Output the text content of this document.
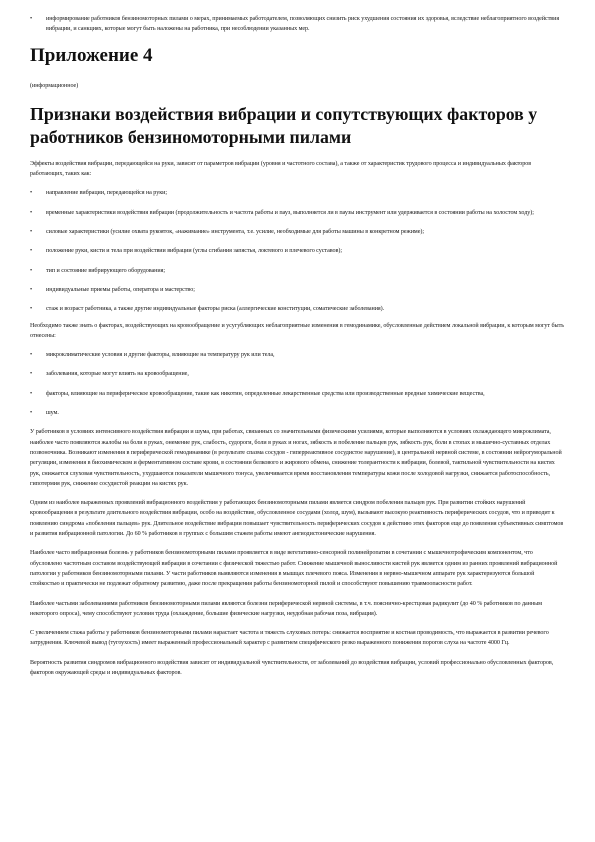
•	информирование работников бензиномоторных пилами о мерах, принимаемых работодателем, позволяющих снизить риск ухудшения состояния их здоровья, вследствие неблагоприятного воздействия вибрации, и санкциях, которые могут быть наложены на работника, при несоблюдении указанных мер.
Приложение 4

(информационное)

Признаки воздействия вибрации и сопутствующих факторов у работников бензиномоторными пилами

Эффекты воздействия вибрации, передающейся на руки, зависят от параметров вибрации (уровня и частотного состава), а также от характеристик трудового процесса и индивидуальных факторов работающих, таких как:

•	направление вибрации, передающейся на руки;
•	временные характеристики воздействия вибрации (продолжительность и частота работы и пауз, выполняется ли в паузы инструмент или удерживается в состоянии работы на холостом ходу);
•	силовые характеристики (усилие охвата рукояток, «нажимание» инструмента, т.е. усилие, необходимые для работы машины в конкретном режиме);
•	положение руки, кисти и тела при воздействии вибрации (углы сгибания запястья, локтевого и плечевого суставов);
•	тип и состояние вибрирующего оборудования;
•	индивидуальные приемы работы, оператора и мастерство;
•	стаж и возраст работника, а также другие индивидуальные факторы риска (аллергические конституции, соматические заболевания).

Необходимо также знать о факторах, воздействующих на кровообращение и усугубляющих неблагоприятные изменения в гемодинамике, обусловленные действием локальной вибрации, к которым могут быть отнесены:

•	микроклиматические условия и другие факторы, влияющие на температуру рук или тела,
•	заболевания, которые могут влиять на кровообращение,
•	факторы, влияющие на периферическое кровообращение, такие как никотин, определенные лекарственные средства или производственные вредные химические вещества,
•	шум.

У работников в условиях интенсивного воздействия вибрации и шума, при работах, связанных со значительными физическими усилиями, которые выполняются в условиях охлаждающего микроклимата, наиболее часто появляются жалобы на боли в руках, онемение рук, слабость, судороги, боли в руках и ногах, зябкость и побеление пальцев рук, зябкость рук, боли в стопах и мышечно-суставных отделах позвоночника. Возникают изменения в периферической гемодинамике (в результате спазма сосудов - гиперреактивное сосудистое нарушение), в центральной нервной системе, в состоянии нейрогуморальной регуляции, изменения в биохимическом и ферментативном составе крови, в состоянии белкового и жирового обмена, снижение толерантности к вибрации, болевой, тактильной чувствительности на кистях рук, снижается слуховая чувствительность, ухудшаются показатели мышечного тонуса, увеличивается время восстановления температуры кожи после холодовой нагрузки, снижается работоспособность, гипотермия рук, снижение сосудистой реакции на кистях рук.

Одним из наиболее выраженных проявлений вибрационного воздействия у работающих бензиномоторными пилами является синдром побеления пальцев рук. При развитии стойких нарушений кровообращения в результате длительного воздействия вибрации, особо на воздействие, обусловленное сосудами (холод, шум), вызывают высокую реактивность периферических сосудов, что и приводит к появлению синдрома «побеления пальцев» рук. Длительное воздействие вибрации повышает чувствительность периферических сосудов к действию этих факторов еще до появления субъективных симптомов и развития вибрационной патологии. До 60 % работников в группах с большим стажем работы имеют ангиодистонические нарушения.

Наиболее часто вибрационная болезнь у работников бензиномоторными пилами проявляется в виде вегетативно-сенсорной полинейропатии в сочетании с мышечнотрофическим компонентом, что обусловлено частотным составом воздействующей вибрации в сочетании с физической тяжестью работ. Снижение мышечной выносливости кистей рук является одним из ранних проявлений вибрационной патологии у работников бензиномоторными пилами. У части работников выявляются изменения в мышцах плечевого пояса. Изменения в нервно-мышечном аппарате рук характеризуются большой стойкостью и практически не подлежат обратному развитию, даже после прекращения работы бензиномоторной пилой и способствуют повышению травмоопасности работ.

Наиболее частыми заболеваниями работников бензиномоторными пилами являются болезни периферической нервной системы, в т.ч. пояснично-крестцовая радикулит (до 40 % работников по данным некоторого опроса), чему способствуют условия труда (охлаждение, большие физические нагрузки, неудобная рабочая поза, вибрация).

С увеличением стажа работы у работников бензиномоторными пилами нарастает частота и тяжесть слуховых потерь: снижается восприятие и костная проводимость, что выражается в развитии речевого затруднения. Ключевой вывод (тугоухость) имеет выраженный профессиональный характер с развитием специфического резко выраженного понижения порогов слуха на частоте 4000 Гц.

Вероятность развития синдромов вибрационного воздействия зависит от индивидуальной чувствительности, от заболеваний до воздействия вибрации, условий профессионально обусловленных факторов, факторов окружающей среды и индивидуальных факторов.
